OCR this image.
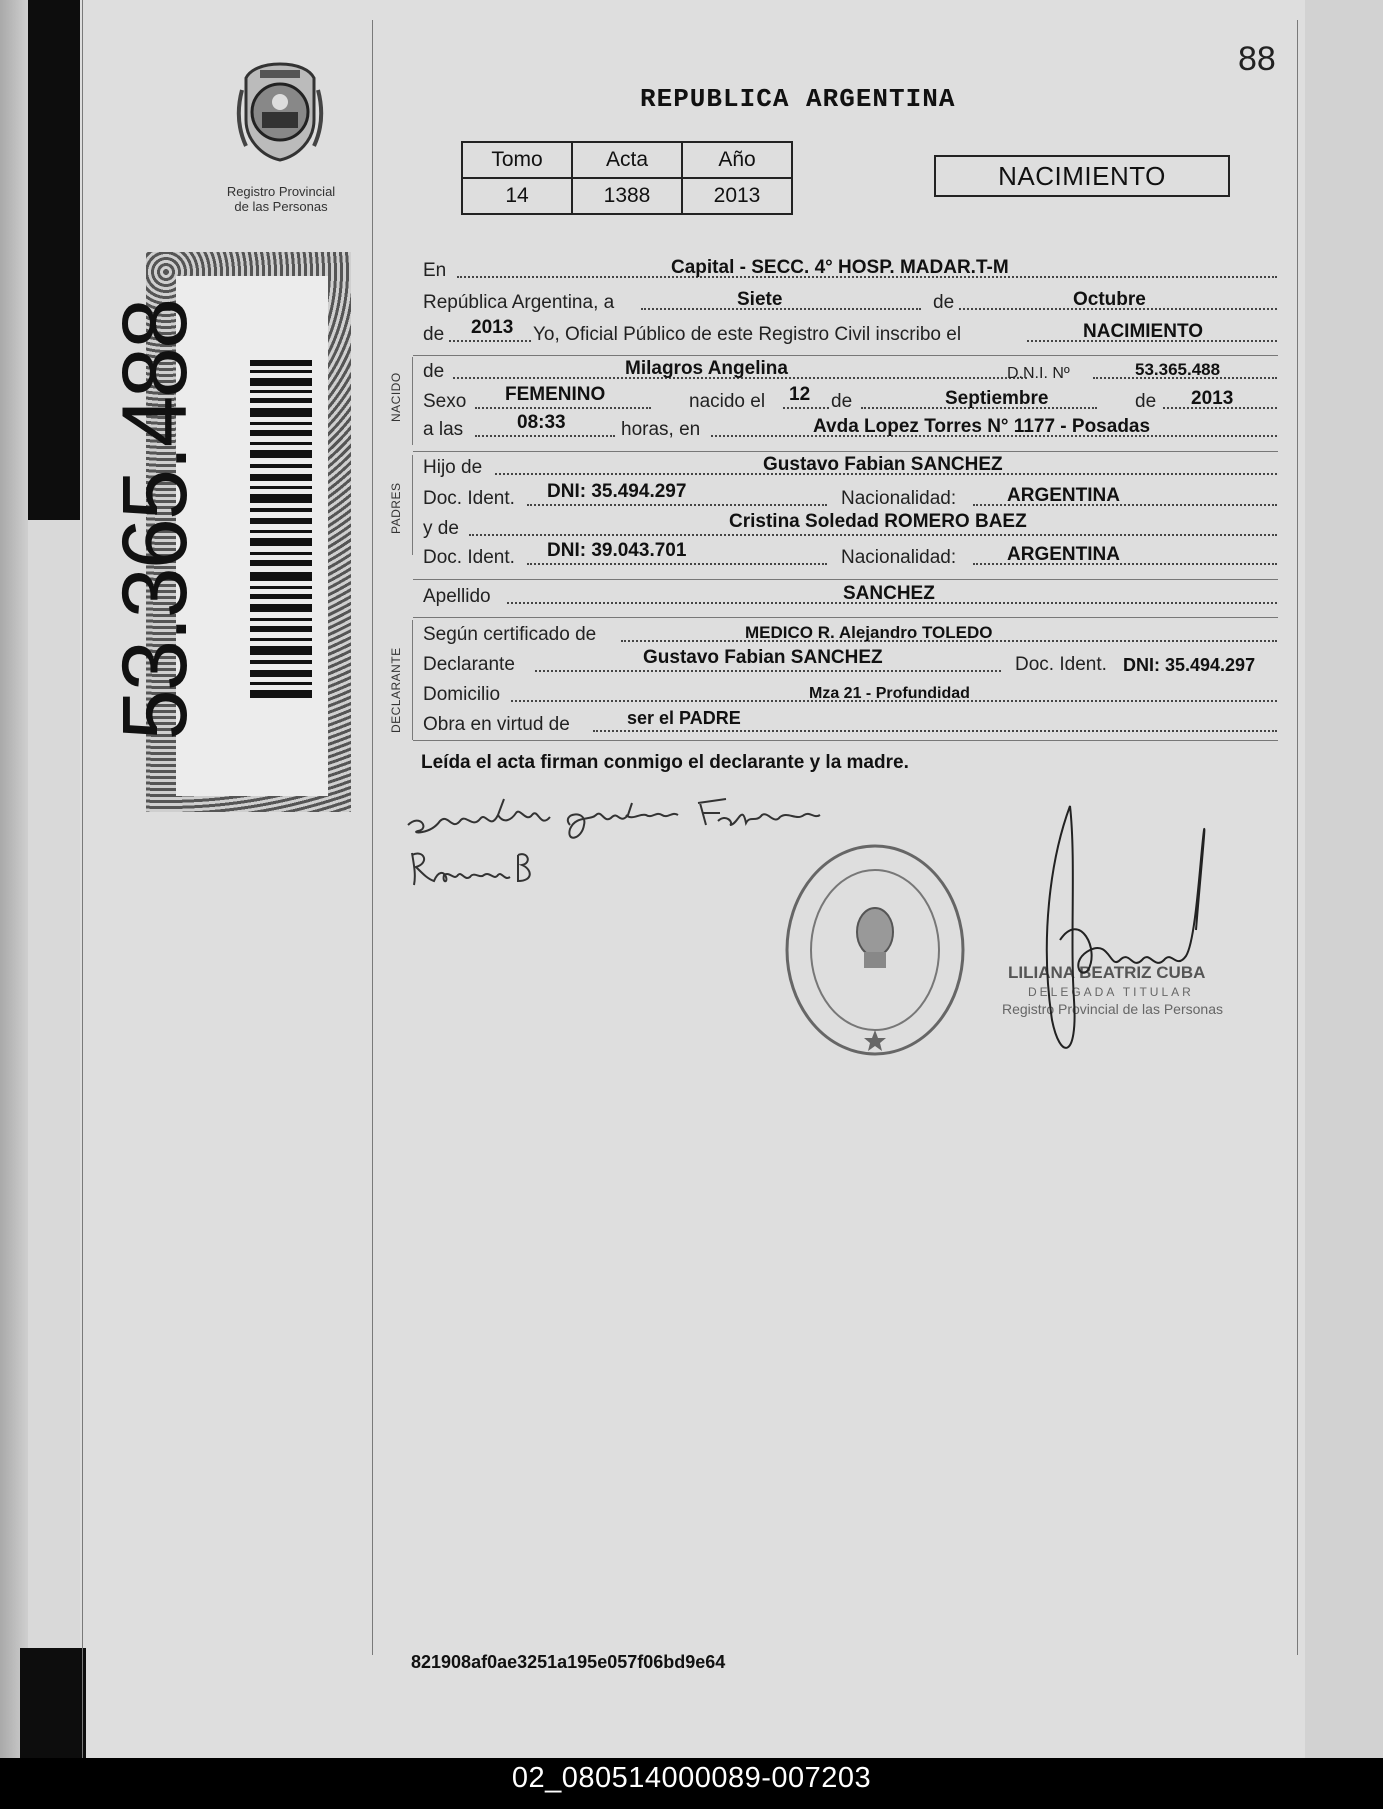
88
REPUBLICA ARGENTINA
Tomo	Acta	Año
14	1388	2013
NACIMIENTO
Registro Provincial
de las Personas
53.365.488	NACIDO
PADRES
DECLARANTE
En	Capital - SECC. 4° HOSP. MADAR.T-M
República Argentina, a	Siete	de	Octubre
de 2013 Yo, Oficial Público de este Registro Civil inscribo el	NACIMIENTO
de	Milagros Angelina	D.N.I. Nº	53.365.488
Sexo FEMENINO	nacido el 12 de	Septiembre	de 2013
a las	08:33	horas, en	Avda Lopez Torres N° 1177 - Posadas
Hijo de	Gustavo Fabian SANCHEZ
Doc. Ident. DNI: 35.494.297	Nacionalidad:	ARGENTINA
y de	Cristina Soledad ROMERO BAEZ
Doc. Ident. DNI: 39.043.701	Nacionalidad:	ARGENTINA
Apellido	SANCHEZ
Según certificado de	MEDICO R. Alejandro TOLEDO
Declarante	Gustavo Fabian SANCHEZ	Doc. Ident. DNI: 35.494.297
Domicilio	Mza 21 - Profundidad
Obra en virtud de	ser el PADRE
Leída el acta firman conmigo el declarante y la madre.
LILIANA BEATRIZ CUBA
DELEGADA TITULAR
Registro Provincial de las Personas
821908af0ae3251a195e057f06bd9e64
02_080514000089-007203
